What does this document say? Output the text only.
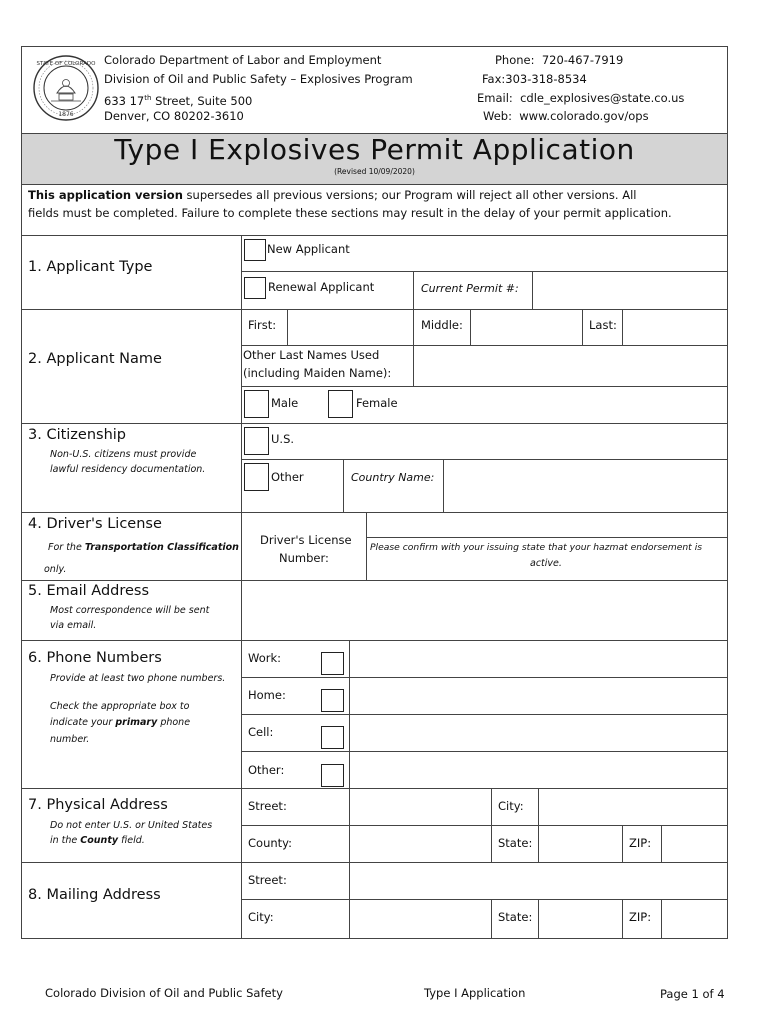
STATE OF COLORADO
1876
Colorado Department of Labor and Employment
Division of Oil and Public Safety – Explosives Program
633 17th Street, Suite 500
Denver, CO 80202-3610
Phone: 720-467-7919
Fax:303-318-8534
Email: cdle_explosives@state.co.us
Web: www.colorado.gov/ops
Type I Explosives Permit Application
(Revised 10/09/2020)
This application version supersedes all previous versions; our Program will reject all other versions. All
fields must be completed. Failure to complete these sections may result in the delay of your permit application.
1. Applicant Type
New Applicant
Renewal Applicant	Current Permit #:
2. Applicant Name
First:	Middle:	Last:
Other Last Names Used
(including Maiden Name):
Male	Female
3. Citizenship
Non-U.S. citizens must provide
lawful residency documentation.
U.S.
Other	Country Name:
4. Driver's License
For the Transportation Classification
only.
Driver's License
Number:
Please confirm with your issuing state that your hazmat endorsement is
active.
5. Email Address
Most correspondence will be sent
via email.
6. Phone Numbers
Provide at least two phone numbers.
Check the appropriate box to
indicate your primary phone
number.
Work:
Home:
Cell:
Other:
7. Physical Address
Do not enter U.S. or United States
in the County field.
Street:	City:
County:	State:	ZIP:
8. Mailing Address
Street:
City:	State:	ZIP:
Colorado Division of Oil and Public Safety	Type I Application	Page 1 of 4
